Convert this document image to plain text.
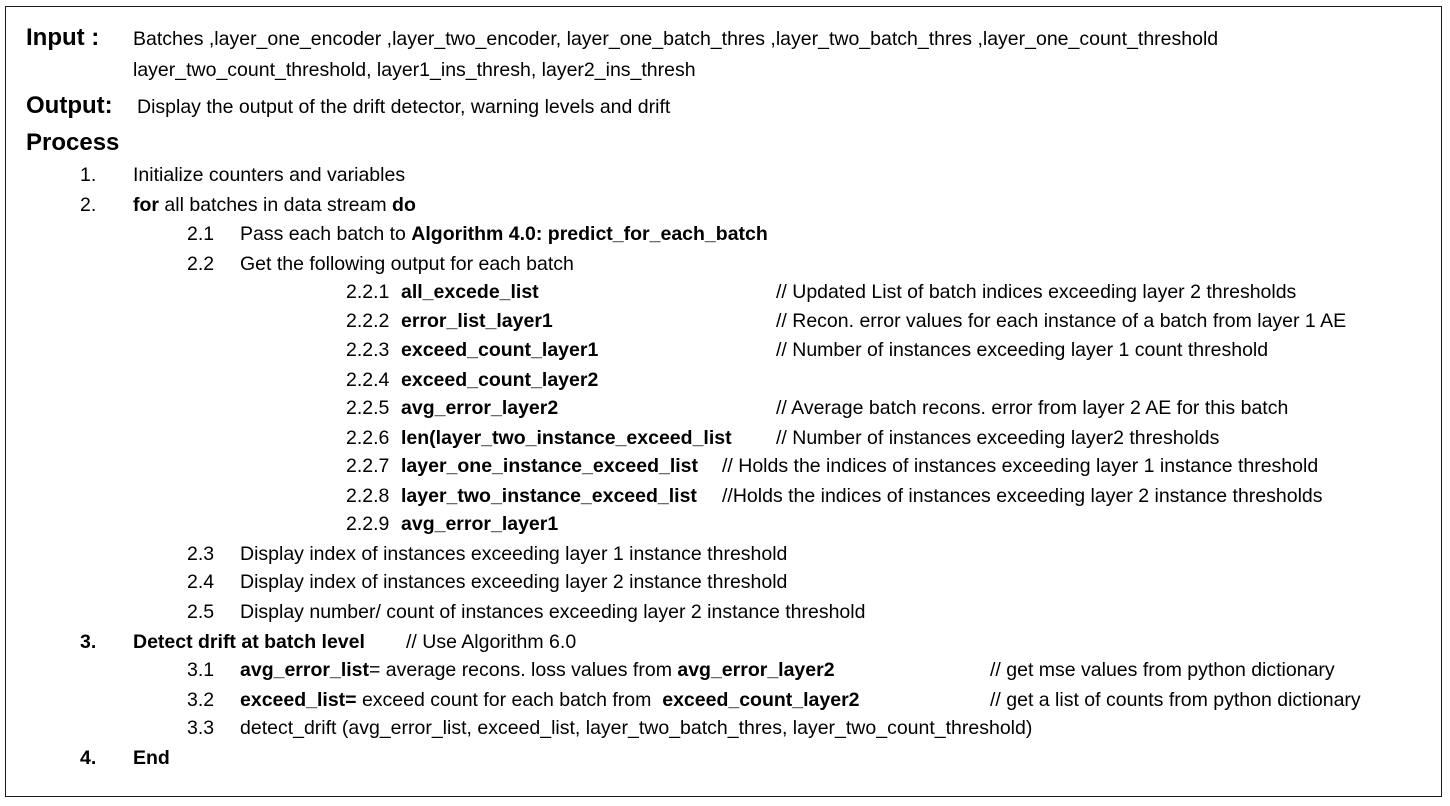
Input : Batches ,layer_one_encoder ,layer_two_encoder, layer_one_batch_thres ,layer_two_batch_thres ,layer_one_count_threshold
layer_two_count_threshold, layer1_ins_thresh, layer2_ins_thresh
Output: Display the output of the drift detector, warning levels and drift
Process
1. Initialize counters and variables
2. for all batches in data stream do
2.1 Pass each batch to Algorithm 4.0: predict_for_each_batch
2.2 Get the following output for each batch
2.2.1 all_excede_list	// Updated List of batch indices exceeding layer 2 thresholds
2.2.2 error_list_layer1	// Recon. error values for each instance of a batch from layer 1 AE
2.2.3 exceed_count_layer1	// Number of instances exceeding layer 1 count threshold
2.2.4 exceed_count_layer2
2.2.5 avg_error_layer2	// Average batch recons. error from layer 2 AE for this batch
2.2.6 len(layer_two_instance_exceed_list // Number of instances exceeding layer2 thresholds
2.2.7 layer_one_instance_exceed_list // Holds the indices of instances exceeding layer 1 instance threshold
2.2.8 layer_two_instance_exceed_list //Holds the indices of instances exceeding layer 2 instance thresholds
2.2.9 avg_error_layer1
2.3 Display index of instances exceeding layer 1 instance threshold
2.4 Display index of instances exceeding layer 2 instance threshold
2.5 Display number/ count of instances exceeding layer 2 instance threshold
3. Detect drift at batch level // Use Algorithm 6.0
3.1 avg_error_list= average recons. loss values from avg_error_layer2	// get mse values from python dictionary
3.2 exceed_list= exceed count for each batch from  exceed_count_layer2	// get a list of counts from python dictionary
3.3 detect_drift (avg_error_list, exceed_list, layer_two_batch_thres, layer_two_count_threshold)
4. End
